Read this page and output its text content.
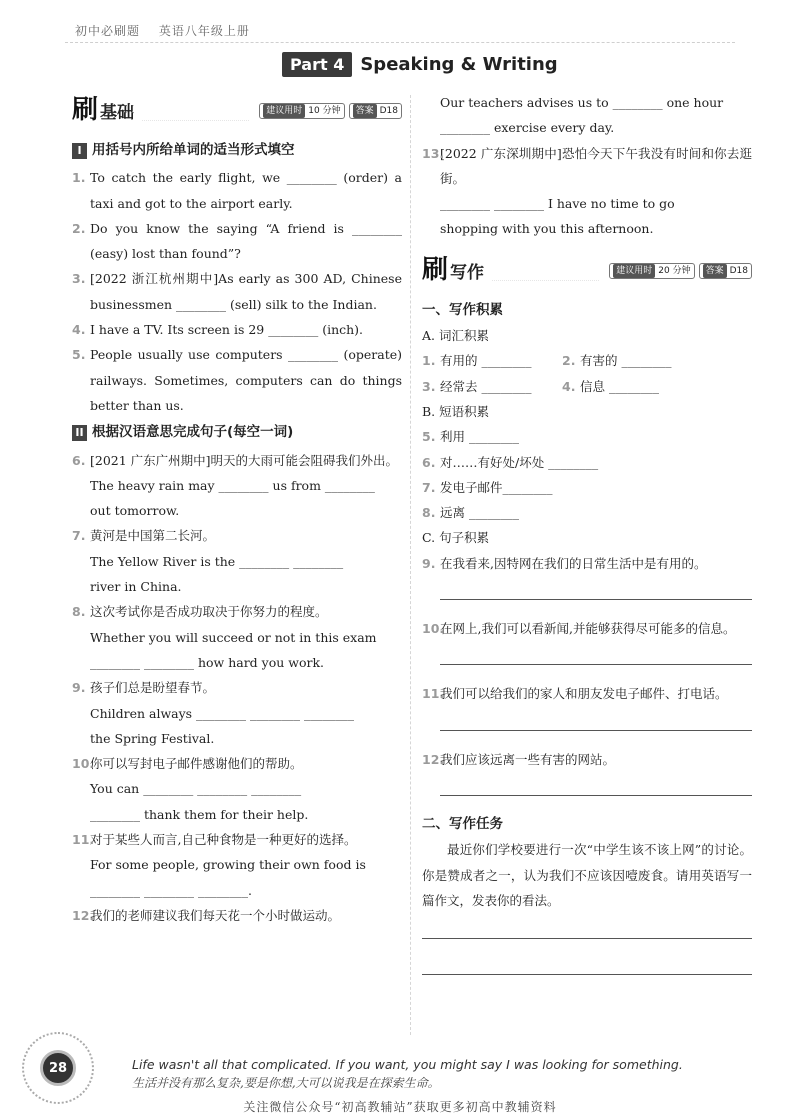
初中必刷题 英语八年级上册
Part 4 Speaking & Writing
刷 基础	建议用时 10 分钟	答案 D18
I 用括号内所给单词的适当形式填空
1. To catch the early flight, we ________ (order) a taxi and got to the airport early.
2. Do you know the saying “A friend is ________ (easy) lost than found”?
3. [2022 浙江杭州期中]As early as 300 AD, Chinese businessmen ________ (sell) silk to the Indian.
4. I have a TV. Its screen is 29 ________ (inch).
5. People usually use computers ________ (operate) railways. Sometimes, computers can do things better than us.
II 根据汉语意思完成句子(每空一词)
6. [2021 广东广州期中]明天的大雨可能会阻碍我们外出。
The heavy rain may ________ us from ________
out tomorrow.
7. 黄河是中国第二长河。
The Yellow River is the ________ ________
river in China.
8. 这次考试你是否成功取决于你努力的程度。
Whether you will succeed or not in this exam
________ ________ how hard you work.
9. 孩子们总是盼望春节。
Children always ________ ________ ________
the Spring Festival.
10.
你可以写封电子邮件感谢他们的帮助。
You can ________ ________ ________
________ thank them for their help.
11.
对于某些人而言,自己种食物是一种更好的选择。
For some people, growing their own food is
________ ________ ________.
12.
我们的老师建议我们每天花一个小时做运动。
Our teachers advises us to ________ one hour
________ exercise every day.
13.
[2022 广东深圳期中]恐怕今天下午我没有时间和你去逛街。
________ ________ I have no time to go
shopping with you this afternoon.
刷 写作	建议用时 20 分钟	答案 D18
一、写作积累
A. 词汇积累
1. 有用的 ________	2. 有害的 ________
3. 经常去 ________	4. 信息 ________
B. 短语积累
5. 利用 ________
6. 对……有好处/坏处 ________
7. 发电子邮件________
8. 远离 ________
C. 句子积累
9. 在我看来,因特网在我们的日常生活中是有用的。
10.
在网上,我们可以看新闻,并能够获得尽可能多的信息。
11.
我们可以给我们的家人和朋友发电子邮件、打电话。
12.
我们应该远离一些有害的网站。
二、写作任务
最近你们学校要进行一次“中学生该不该上网”的讨论。你是赞成者之一，认为我们不应该因噎废食。请用英语写一篇作文，发表你的看法。
28	Life wasn't all that complicated. If you want, you might say I was looking for something.
生活并没有那么复杂,要是你想,大可以说我是在探索生命。
关注微信公众号“初高教辅站”获取更多初高中教辅资料
